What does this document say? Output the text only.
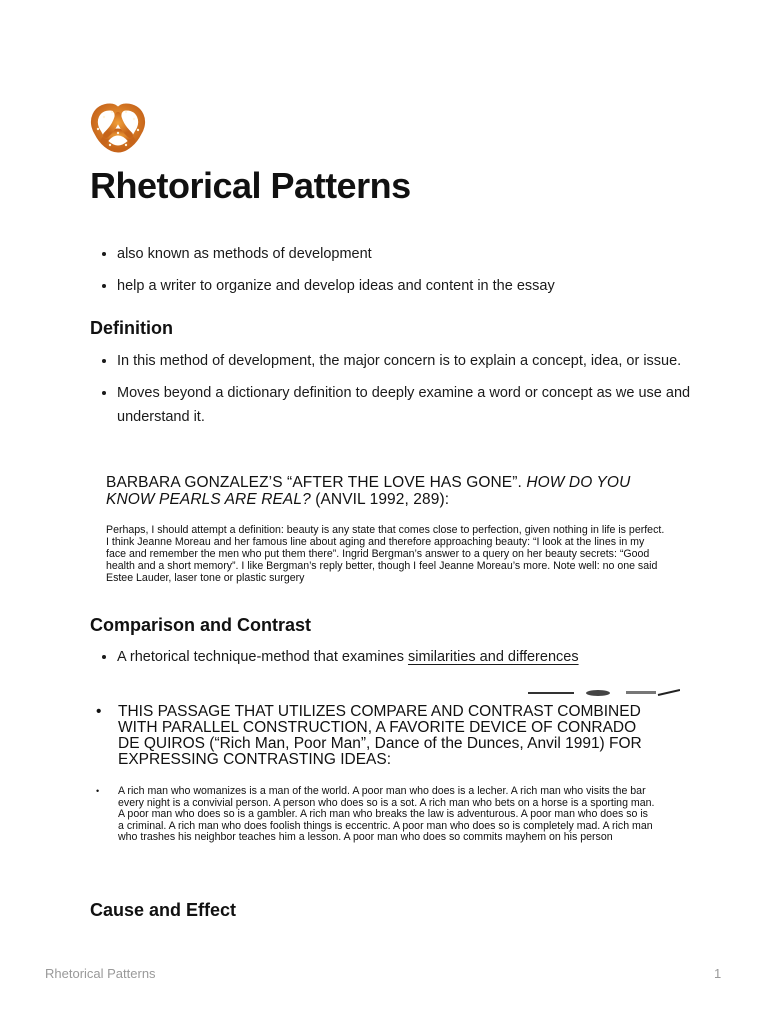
Rhetorical Patterns
• also known as methods of development
• help a writer to organize and develop ideas and content in the essay
Definition
• In this method of development, the major concern is to explain a concept, idea, or issue.
• Moves beyond a dictionary definition to deeply examine a word or concept as we use and understand it.
BARBARA GONZALEZ’S “AFTER THE LOVE HAS GONE”. HOW DO YOU KNOW PEARLS ARE REAL? (ANVIL 1992, 289):
Perhaps, I should attempt a definition: beauty is any state that comes close to perfection, given nothing in life is perfect. I think Jeanne Moreau and her famous line about aging and therefore approaching beauty: “I look at the lines in my face and remember the men who put them there”. Ingrid Bergman’s answer to a query on her beauty secrets: “Good health and a short memory”. I like Bergman’s reply better, though I feel Jeanne Moreau’s more. Note well: no one said Estee Lauder, laser tone or plastic surgery
Comparison and Contrast
• A rhetorical technique-method that examines similarities and differences
•	THIS PASSAGE THAT UTILIZES COMPARE AND CONTRAST COMBINED WITH PARALLEL CONSTRUCTION, A FAVORITE DEVICE OF CONRADO DE QUIROS (“Rich Man, Poor Man”, Dance of the Dunces, Anvil 1991) FOR EXPRESSING CONTRASTING IDEAS:
•	A rich man who womanizes is a man of the world. A poor man who does is a lecher. A rich man who visits the bar every night is a convivial person. A person who does so is a sot. A rich man who bets on a horse is a sporting man. A poor man who does so is a gambler. A rich man who breaks the law is adventurous. A poor man who does so is a criminal. A rich man who does foolish things is eccentric. A poor man who does so is completely mad. A rich man who trashes his neighbor teaches him a lesson. A poor man who does so commits mayhem on his person
Cause and Effect
Rhetorical Patterns	1
